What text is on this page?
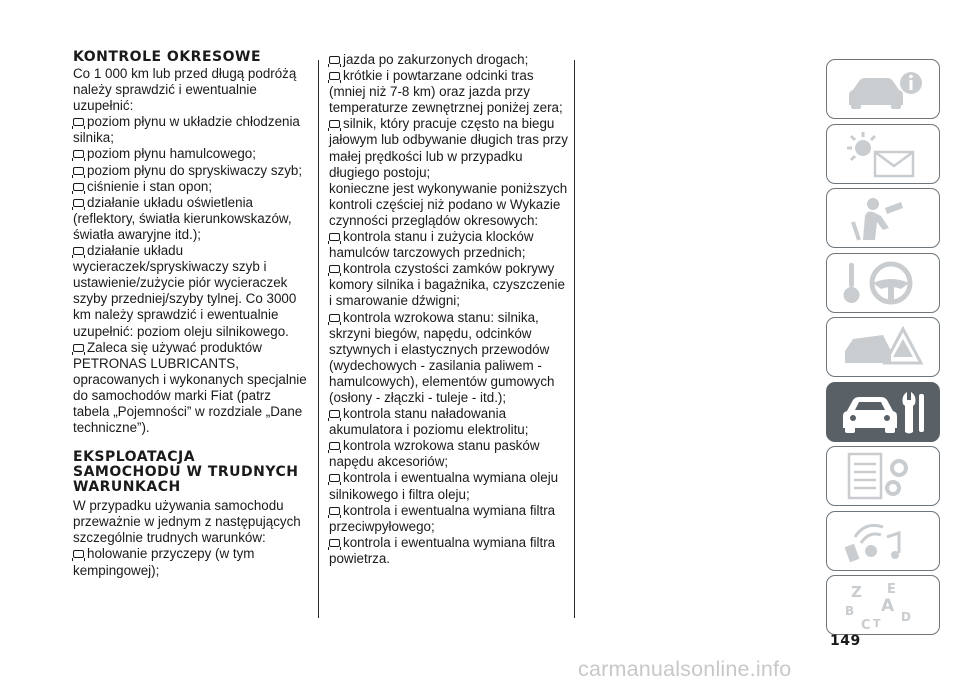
KONTROLE OKRESOWE

Co 1 000 km lub przed długą podróżą należy sprawdzić i ewentualnie uzupełnić:

poziom płynu w układzie chłodzenia silnika;

poziom płynu hamulcowego;

poziom płynu do spryskiwaczy szyb;

ciśnienie i stan opon;

działanie układu oświetlenia (reflektory, światła kierunkowskazów, światła awaryjne itd.);

działanie układu wycieraczek/spryskiwaczy szyb i ustawienie/zużycie piór wycieraczek szyby przedniej/szyby tylnej. Co 3000 km należy sprawdzić i ewentualnie uzupełnić: poziom oleju silnikowego.

Zaleca się używać produktów PETRONAS LUBRICANTS, opracowanych i wykonanych specjalnie do samochodów marki Fiat (patrz tabela „Pojemności” w rozdziale „Dane techniczne”).

EKSPLOATACJA SAMOCHODU W TRUDNYCH WARUNKACH

W przypadku używania samochodu przeważnie w jednym z następujących szczególnie trudnych warunków:

holowanie przyczepy (w tym kempingowej);

jazda po zakurzonych drogach;

krótkie i powtarzane odcinki tras (mniej niż 7-8 km) oraz jazda przy temperaturze zewnętrznej poniżej zera;

silnik, który pracuje często na biegu jałowym lub odbywanie długich tras przy małej prędkości lub w przypadku długiego postoju;

konieczne jest wykonywanie poniższych kontroli częściej niż podano w Wykazie czynności przeglądów okresowych:

kontrola stanu i zużycia klocków hamulców tarczowych przednich;

kontrola czystości zamków pokrywy komory silnika i bagażnika, czyszczenie i smarowanie dźwigni;

kontrola wzrokowa stanu: silnika, skrzyni biegów, napędu, odcinków sztywnych i elastycznych przewodów (wydechowych - zasilania paliwem - hamulcowych), elementów gumowych (osłony - złączki - tuleje - itd.);

kontrola stanu naładowania akumulatora i poziomu elektrolitu;

kontrola wzrokowa stanu pasków napędu akcesoriów;

kontrola i ewentualna wymiana oleju silnikowego i filtra oleju;

kontrola i ewentualna wymiana filtra przeciwpyłowego;

kontrola i ewentualna wymiana filtra powietrza.

Z E
B A
C T D
149
carmanualsonline.info
